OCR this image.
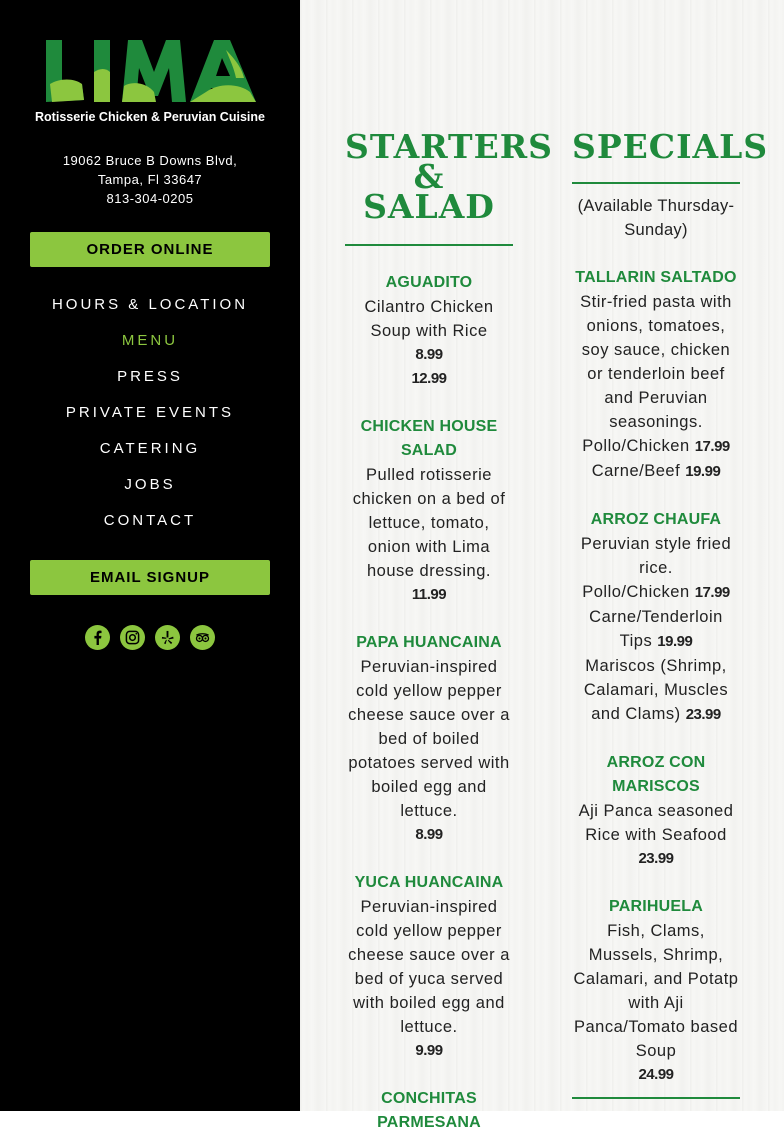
Rotisserie Chicken & Peruvian Cuisine
19062 Bruce B Downs Blvd,
Tampa, Fl 33647
813-304-0205
ORDER ONLINE
HOURS & LOCATION
MENU
PRESS
PRIVATE EVENTS
CATERING
JOBS
CONTACT
EMAIL SIGNUP
STARTERS
& SALAD
AGUADITO
Cilantro Chicken Soup with Rice
8.99
12.99
CHICKEN HOUSE SALAD
Pulled rotisserie chicken on a bed of lettuce, tomato, onion with Lima house dressing.
11.99
PAPA HUANCAINA
Peruvian-inspired cold yellow pepper cheese sauce over a bed of boiled potatoes served with boiled egg and lettuce.
8.99
YUCA HUANCAINA
Peruvian-inspired cold yellow pepper cheese sauce over a bed of yuca served with boiled egg and lettuce.
9.99
CONCHITAS PARMESANA
SPECIALS
(Available Thursday-Sunday)
TALLARIN SALTADO
Stir-fried pasta with onions, tomatoes, soy sauce, chicken or tenderloin beef and Peruvian seasonings.
Pollo/Chicken 17.99
Carne/Beef 19.99
ARROZ CHAUFA
Peruvian style fried rice.
Pollo/Chicken 17.99
Carne/Tenderloin Tips 19.99
Mariscos (Shrimp, Calamari, Muscles and Clams) 23.99
ARROZ CON MARISCOS
Aji Panca seasoned Rice with Seafood
23.99
PARIHUELA
Fish, Clams, Mussels, Shrimp, Calamari, and Potatp with Aji Panca/Tomato based Soup
24.99
